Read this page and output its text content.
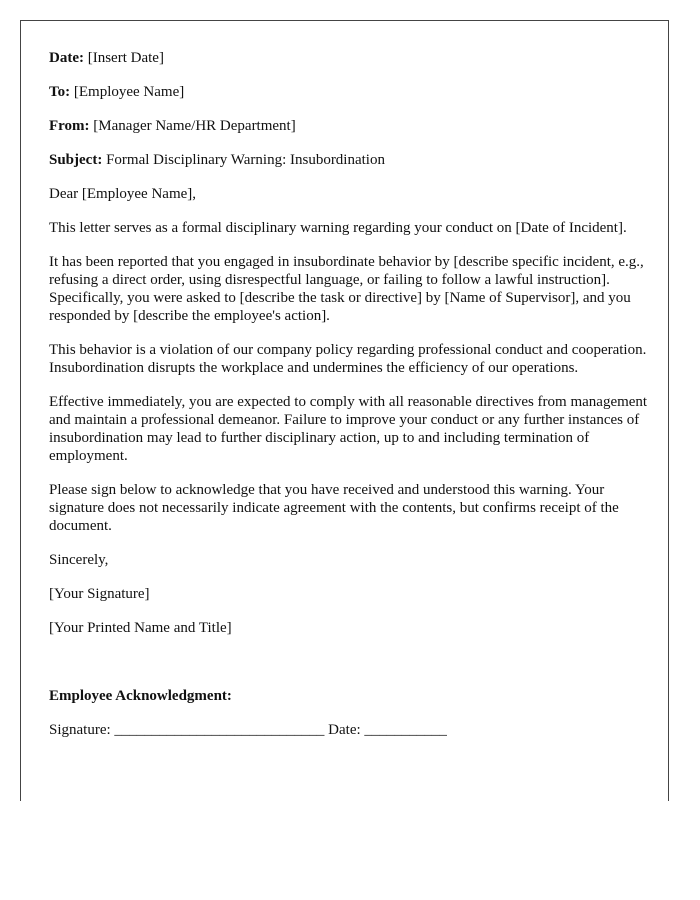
Date: [Insert Date]

To: [Employee Name]

From: [Manager Name/HR Department]

Subject: Formal Disciplinary Warning: Insubordination

Dear [Employee Name],

This letter serves as a formal disciplinary warning regarding your conduct on [Date of Incident].

It has been reported that you engaged in insubordinate behavior by [describe specific incident, e.g., refusing a direct order, using disrespectful language, or failing to follow a lawful instruction]. Specifically, you were asked to [describe the task or directive] by [Name of Supervisor], and you responded by [describe the employee's action].

This behavior is a violation of our company policy regarding professional conduct and cooperation. Insubordination disrupts the workplace and undermines the efficiency of our operations.

Effective immediately, you are expected to comply with all reasonable directives from management and maintain a professional demeanor. Failure to improve your conduct or any further instances of insubordination may lead to further disciplinary action, up to and including termination of employment.

Please sign below to acknowledge that you have received and understood this warning. Your signature does not necessarily indicate agreement with the contents, but confirms receipt of the document.

Sincerely,

[Your Signature]

[Your Printed Name and Title]

Employee Acknowledgment:

Signature: ____________________________ Date: ___________
